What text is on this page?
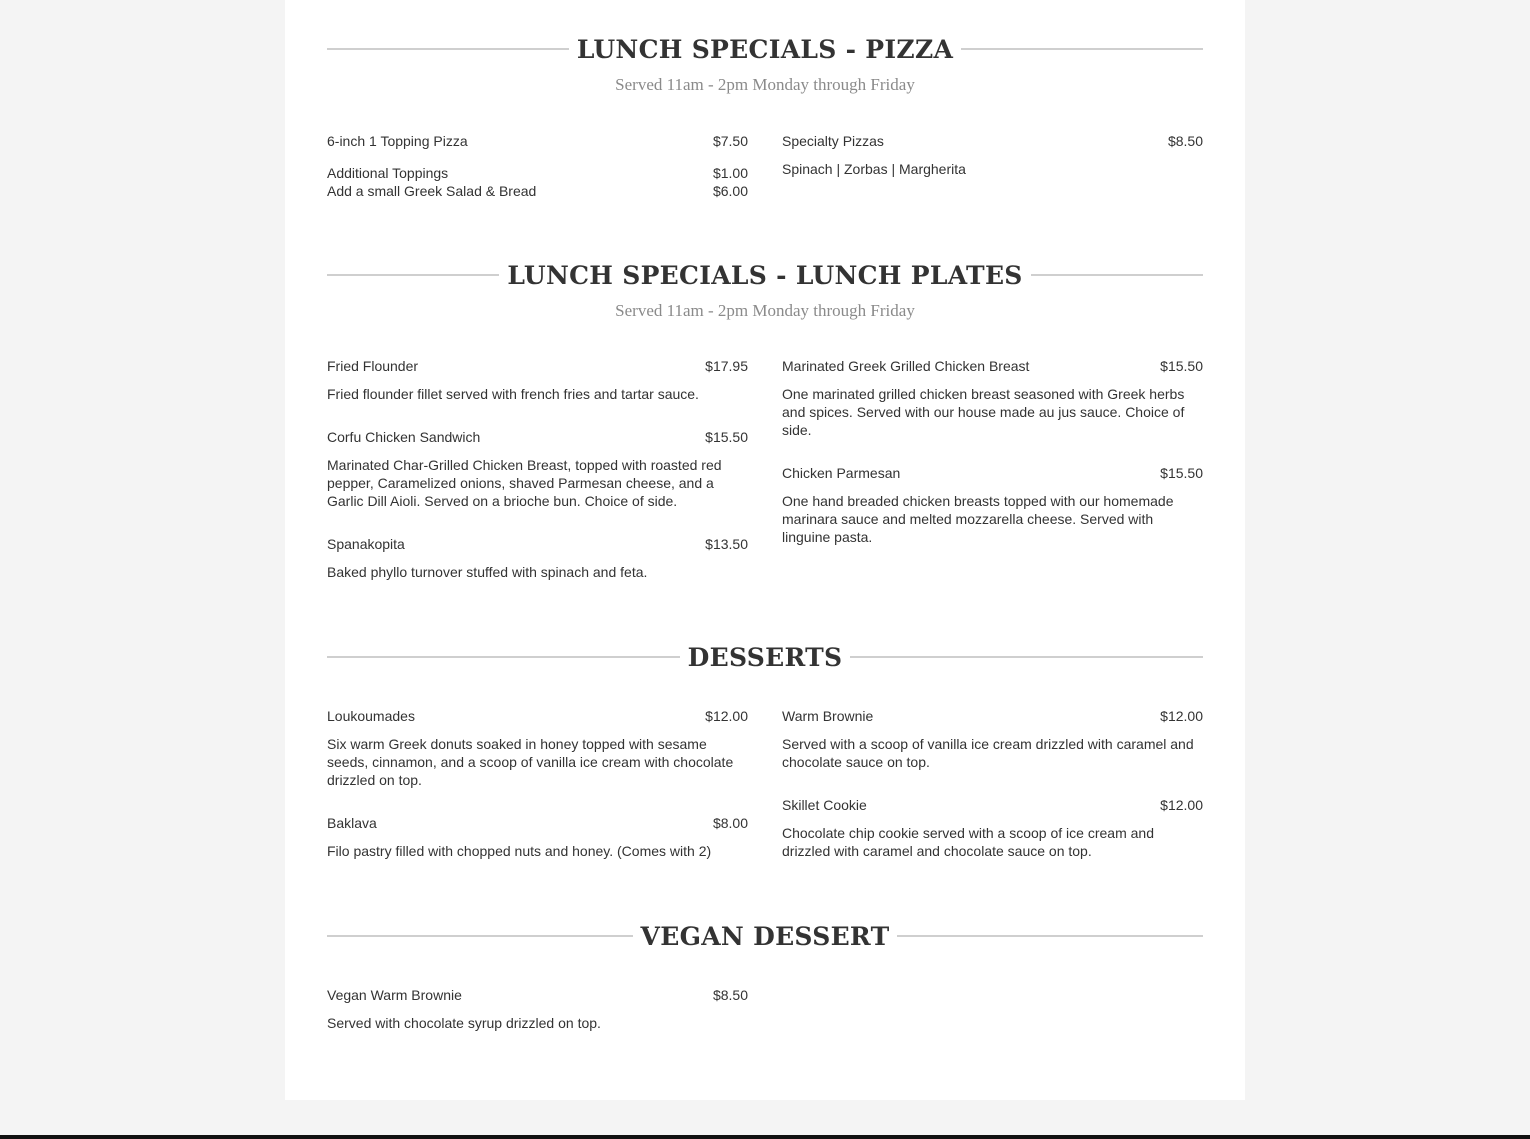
LUNCH SPECIALS - PIZZA
Served 11am - 2pm Monday through Friday
6-inch 1 Topping Pizza	$7.50
Additional Toppings	$1.00
Add a small Greek Salad & Bread	$6.00
Specialty Pizzas	$8.50
Spinach | Zorbas | Margherita
LUNCH SPECIALS - LUNCH PLATES
Served 11am - 2pm Monday through Friday
Fried Flounder	$17.95
Fried flounder fillet served with french fries and tartar sauce.
Corfu Chicken Sandwich	$15.50
Marinated Char-Grilled Chicken Breast, topped with roasted red pepper, Caramelized onions, shaved Parmesan cheese, and a Garlic Dill Aioli. Served on a brioche bun. Choice of side.
Spanakopita	$13.50
Baked phyllo turnover stuffed with spinach and feta.
Marinated Greek Grilled Chicken Breast	$15.50
One marinated grilled chicken breast seasoned with Greek herbs and spices. Served with our house made au jus sauce. Choice of side.
Chicken Parmesan	$15.50
One hand breaded chicken breasts topped with our homemade marinara sauce and melted mozzarella cheese. Served with linguine pasta.
DESSERTS
Loukoumades	$12.00
Six warm Greek donuts soaked in honey topped with sesame seeds, cinnamon, and a scoop of vanilla ice cream with chocolate drizzled on top.
Baklava	$8.00
Filo pastry filled with chopped nuts and honey. (Comes with 2)
Warm Brownie	$12.00
Served with a scoop of vanilla ice cream drizzled with caramel and chocolate sauce on top.
Skillet Cookie	$12.00
Chocolate chip cookie served with a scoop of ice cream and drizzled with caramel and chocolate sauce on top.
VEGAN DESSERT
Vegan Warm Brownie	$8.50
Served with chocolate syrup drizzled on top.
